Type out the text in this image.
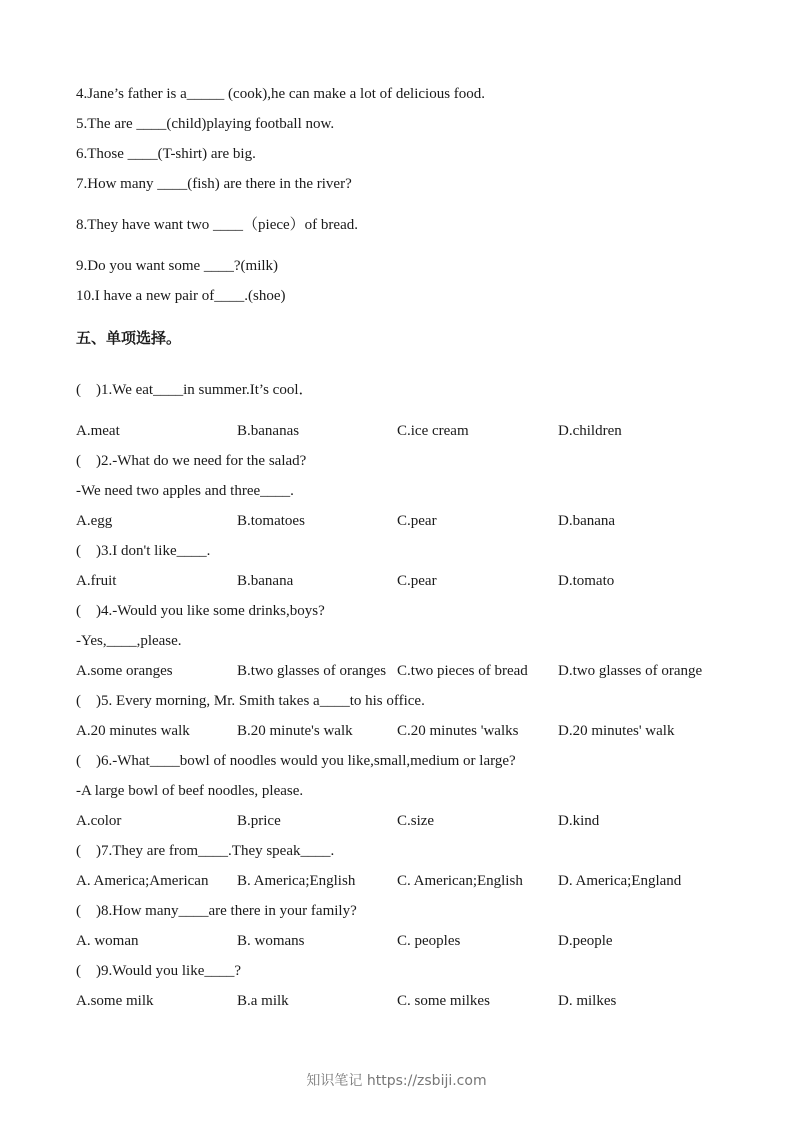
4.Jane’s father is a_____ (cook),he can make a lot of delicious food.
5.The are ____(child)playing football now.
6.Those ____(T-shirt) are big.
7.How many ____(fish) are there in the river?
8.They have want two ____（piece）of bread.
9.Do you want some ____?(milk)
10.I have a new pair of____.(shoe)
五、单项选择。
(    )1.We eat____in summer.It’s cool．
A.meat	B.bananas	C.ice cream	D.children
(    )2.-What do we need for the salad?
-We need two apples and three____.
A.egg	B.tomatoes	C.pear	D.banana
(    )3.I don't like____.
A.fruit	B.banana	C.pear	D.tomato
(    )4.-Would you like some drinks,boys?
-Yes,____,please.
A.some oranges	B.two glasses of oranges C.two pieces of bread D.two glasses of orange
(    )5. Every morning, Mr. Smith takes a____to his office.
A.20 minutes walk	B.20 minute's walk	C.20 minutes 'walks	D.20 minutes' walk
(    )6.-What____bowl of noodles would you like,small,medium or large?
-A large bowl of beef noodles, please.
A.color	B.price	C.size	D.kind
(    )7.They are from____.They speak____.
A. America;American B. America;English	C. American;English D. America;England
(    )8.How many____are there in your family?
A. woman	B. womans	C. peoples	D.people
(    )9.Would you like____?
A.some milk	B.a milk	C. some milkes	D. milkes
知识笔记 https://zsbiji.com
